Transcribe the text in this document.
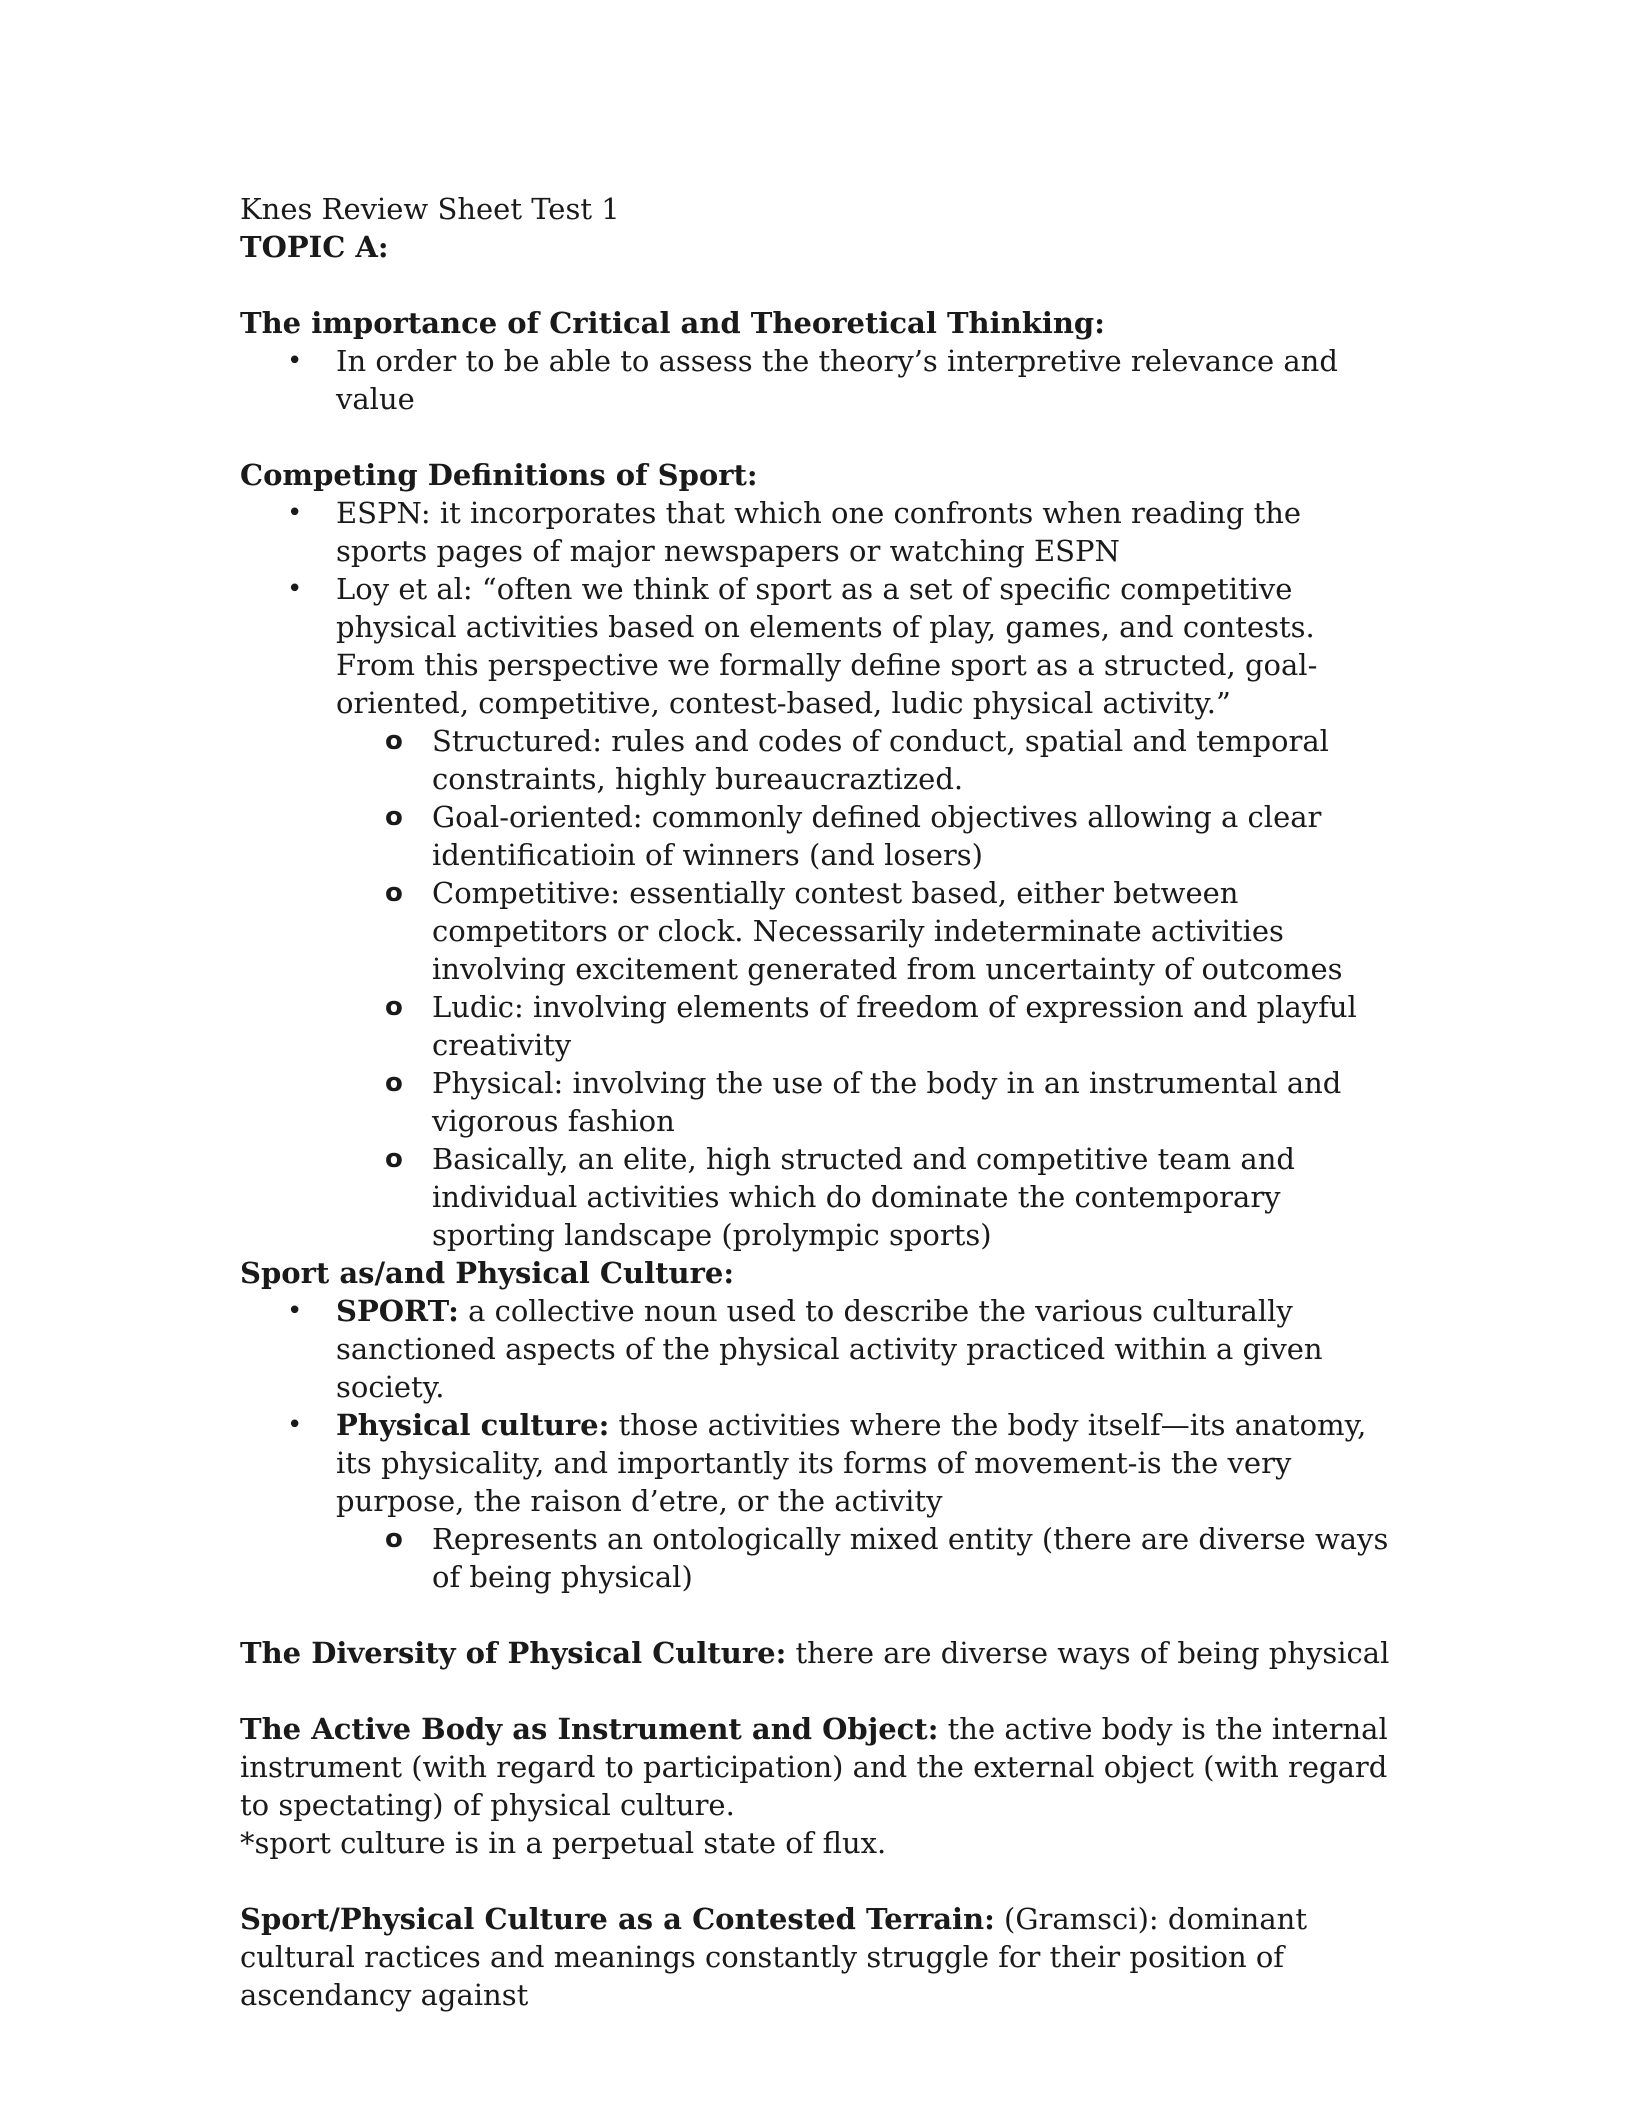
Knes Review Sheet Test 1

TOPIC A:

The importance of Critical and Theoretical Thinking:

• In order to be able to assess the theory’s interpretive relevance and value

Competing Definitions of Sport:

• ESPN: it incorporates that which one confronts when reading the sports pages of major newspapers or watching ESPN
• Loy et al: “often we think of sport as a set of specific competitive physical activities based on elements of play, games, and contests. From this perspective we formally define sport as a structed, goal-oriented, competitive, contest-based, ludic physical activity.”
o Structured: rules and codes of conduct, spatial and temporal constraints, highly bureaucraztized.
o Goal-oriented: commonly defined objectives allowing a clear identificatioin of winners (and losers)
o Competitive: essentially contest based, either between competitors or clock. Necessarily indeterminate activities involving excitement generated from uncertainty of outcomes
o Ludic: involving elements of freedom of expression and playful creativity
o Physical: involving the use of the body in an instrumental and vigorous fashion
o Basically, an elite, high structed and competitive team and individual activities which do dominate the contemporary sporting landscape (prolympic sports)

Sport as/and Physical Culture:

• SPORT: a collective noun used to describe the various culturally sanctioned aspects of the physical activity practiced within a given society.
• Physical culture: those activities where the body itself—its anatomy, its physicality, and importantly its forms of movement-is the very purpose, the raison d’etre, or the activity
o Represents an ontologically mixed entity (there are diverse ways of being physical)

The Diversity of Physical Culture: there are diverse ways of being physical

The Active Body as Instrument and Object: the active body is the internal instrument (with regard to participation) and the external object (with regard to spectating) of physical culture.

*sport culture is in a perpetual state of flux.

Sport/Physical Culture as a Contested Terrain: (Gramsci): dominant cultural ractices and meanings constantly struggle for their position of ascendancy against
